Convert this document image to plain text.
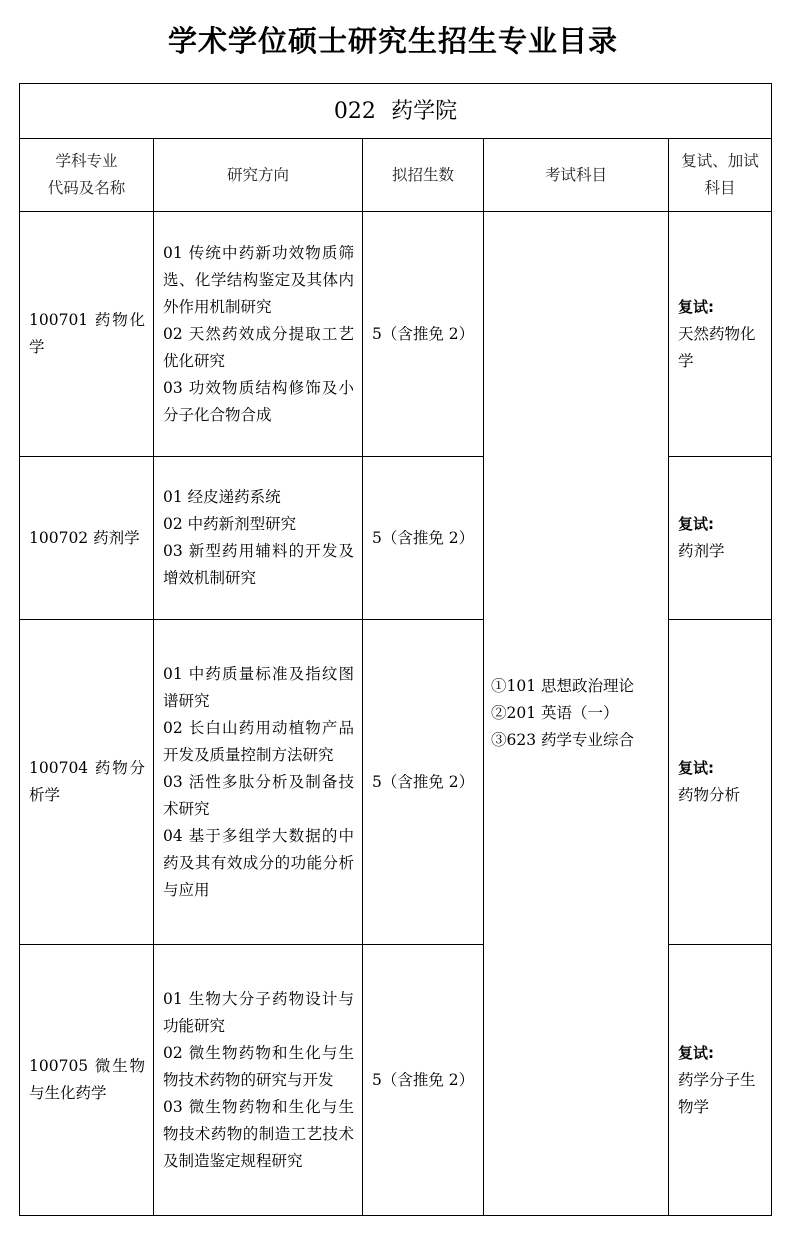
学术学位硕士研究生招生专业目录
022 药学院				

学科专业
代码及名称	研究方向	拟招生数	考试科目	复试、加试
科目

100701 药物化学	01 传统中药新功效物质筛选、化学结构鉴定及其体内外作用机制研究
02 天然药效成分提取工艺优化研究
03 功效物质结构修饰及小分子化合物合成	5（含推免 2）	①101 思想政治理论
②201 英语（一）
③623 药学专业综合	复试:
天然药物化学

100702 药剂学	01 经皮递药系统
02 中药新剂型研究
03 新型药用辅料的开发及增效机制研究	5（含推免 2）		复试:
药剂学

100704 药物分析学	01 中药质量标准及指纹图谱研究
02 长白山药用动植物产品开发及质量控制方法研究
03 活性多肽分析及制备技术研究
04 基于多组学大数据的中药及其有效成分的功能分析与应用	5（含推免 2）		复试:
药物分析

100705 微生物与生化药学	01 生物大分子药物设计与功能研究
02 微生物药物和生化与生物技术药物的研究与开发
03 微生物药物和生化与生物技术药物的制造工艺技术及制造鉴定规程研究	5（含推免 2）		复试:
药学分子生物学
